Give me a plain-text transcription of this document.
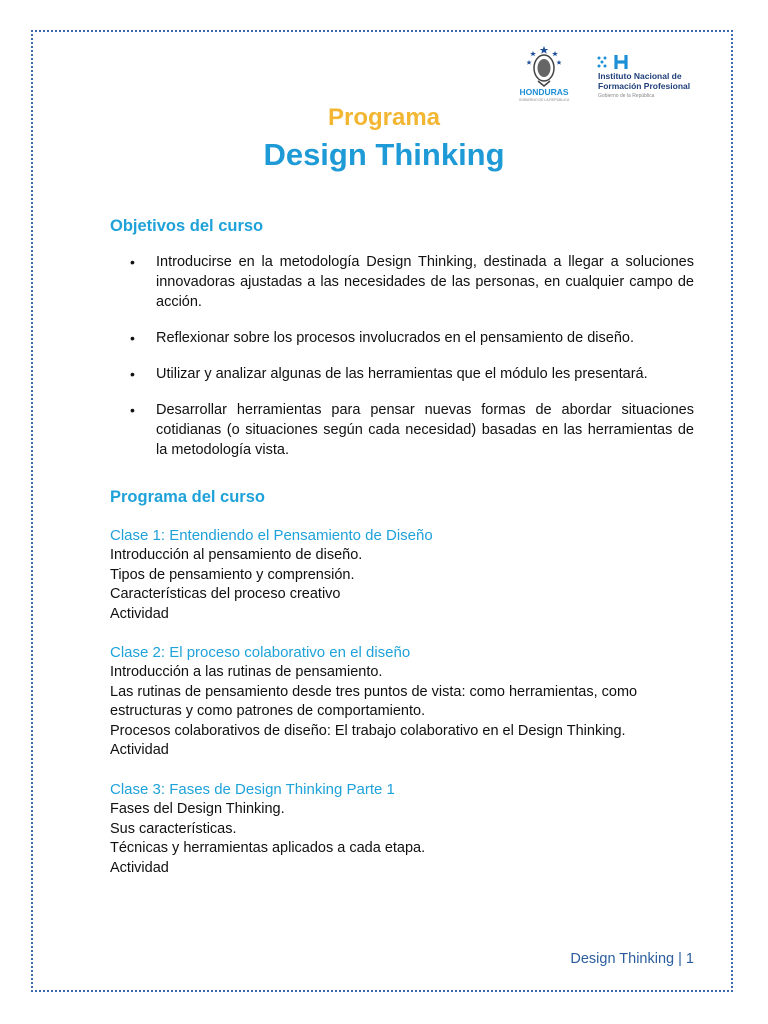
HONDURAS
GOBIERNO DE LA REPÚBLICA
Instituto Nacional de
Formación Profesional
Gobierno de la República
Programa
Design Thinking
Objetivos del curso
• Introducirse en la metodología Design Thinking, destinada a llegar a soluciones innovadoras ajustadas a las necesidades de las personas, en cualquier campo de acción.
• Reflexionar sobre los procesos involucrados en el pensamiento de diseño.
• Utilizar y analizar algunas de las herramientas que el módulo les presentará.
• Desarrollar herramientas para pensar nuevas formas de abordar situaciones cotidianas (o situaciones según cada necesidad) basadas en las herramientas de la metodología vista.
Programa del curso
Clase 1: Entendiendo el Pensamiento de Diseño
Introducción al pensamiento de diseño.
Tipos de pensamiento y comprensión.
Características del proceso creativo
Actividad
Clase 2: El proceso colaborativo en el diseño
Introducción a las rutinas de pensamiento.
Las rutinas de pensamiento desde tres puntos de vista: como herramientas, como estructuras y como patrones de comportamiento.
Procesos colaborativos de diseño: El trabajo colaborativo en el Design Thinking.
Actividad
Clase 3: Fases de Design Thinking Parte 1
Fases del Design Thinking.
Sus características.
Técnicas y herramientas aplicados a cada etapa.
Actividad
Design Thinking | 1
